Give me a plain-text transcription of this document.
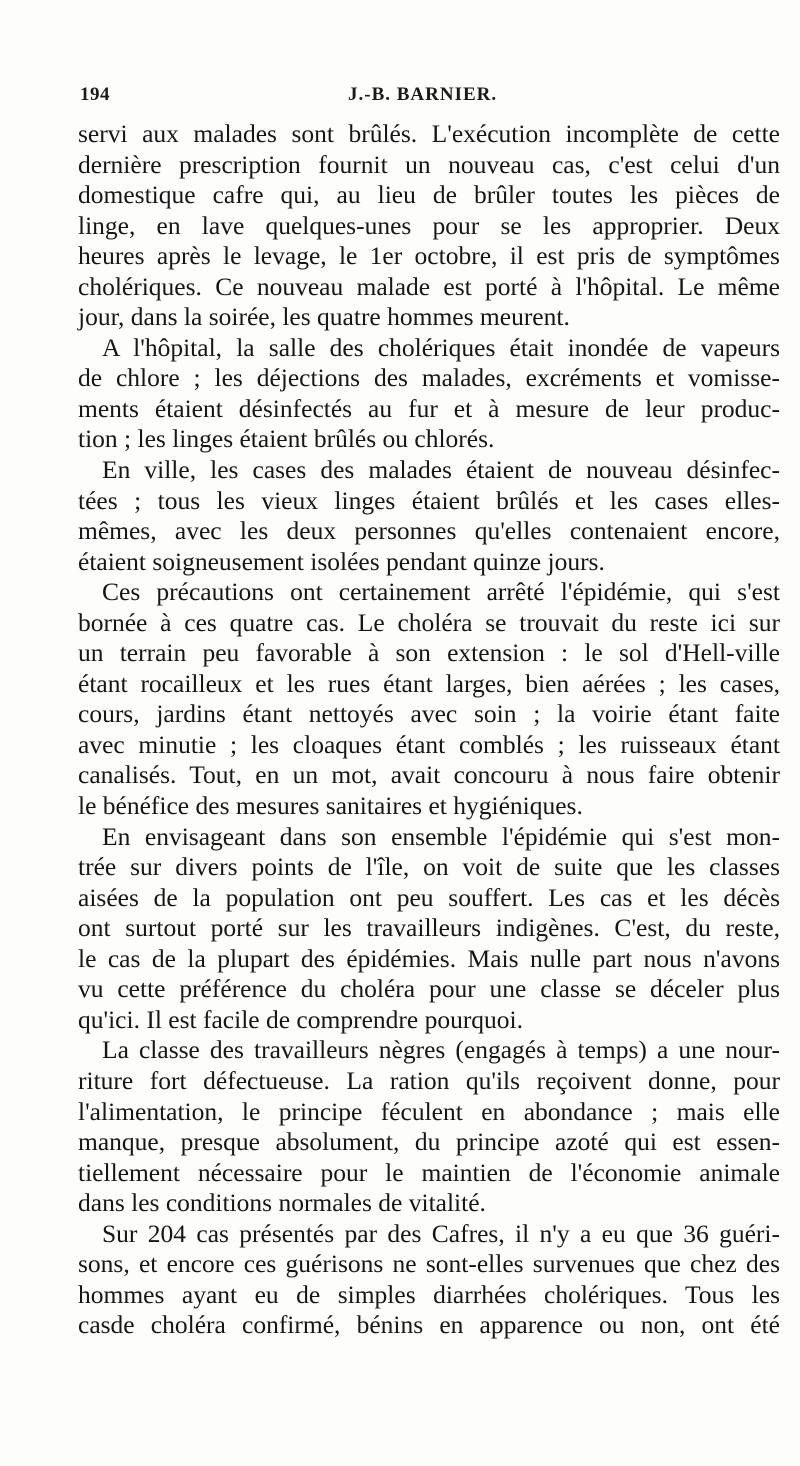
194	J.-B. BARNIER.

servi aux malades sont brûlés. L'exécution incomplète de cette
dernière prescription fournit un nouveau cas, c'est celui d'un
domestique cafre qui, au lieu de brûler toutes les pièces de
linge, en lave quelques-unes pour se les approprier. Deux
heures après le levage, le 1er octobre, il est pris de symptômes
cholériques. Ce nouveau malade est porté à l'hôpital. Le même
jour, dans la soirée, les quatre hommes meurent.

A l'hôpital, la salle des cholériques était inondée de vapeurs
de chlore ; les déjections des malades, excréments et vomisse-
ments étaient désinfectés au fur et à mesure de leur produc-
tion ; les linges étaient brûlés ou chlorés.

En ville, les cases des malades étaient de nouveau désinfec-
tées ; tous les vieux linges étaient brûlés et les cases elles-
mêmes, avec les deux personnes qu'elles contenaient encore,
étaient soigneusement isolées pendant quinze jours.

Ces précautions ont certainement arrêté l'épidémie, qui s'est
bornée à ces quatre cas. Le choléra se trouvait du reste ici sur
un terrain peu favorable à son extension : le sol d'Hell-ville
étant rocailleux et les rues étant larges, bien aérées ; les cases,
cours, jardins étant nettoyés avec soin ; la voirie étant faite
avec minutie ; les cloaques étant comblés ; les ruisseaux étant
canalisés. Tout, en un mot, avait concouru à nous faire obtenir
le bénéfice des mesures sanitaires et hygiéniques.

En envisageant dans son ensemble l'épidémie qui s'est mon-
trée sur divers points de l'île, on voit de suite que les classes
aisées de la population ont peu souffert. Les cas et les décès
ont surtout porté sur les travailleurs indigènes. C'est, du reste,
le cas de la plupart des épidémies. Mais nulle part nous n'avons
vu cette préférence du choléra pour une classe se déceler plus
qu'ici. Il est facile de comprendre pourquoi.

La classe des travailleurs nègres (engagés à temps) a une nour-
riture fort défectueuse. La ration qu'ils reçoivent donne, pour
l'alimentation, le principe féculent en abondance ; mais elle
manque, presque absolument, du principe azoté qui est essen-
tiellement nécessaire pour le maintien de l'économie animale
dans les conditions normales de vitalité.

Sur 204 cas présentés par des Cafres, il n'y a eu que 36 guéri-
sons, et encore ces guérisons ne sont-elles survenues que chez des
hommes ayant eu de simples diarrhées cholériques. Tous les
casde choléra confirmé, bénins en apparence ou non, ont été
